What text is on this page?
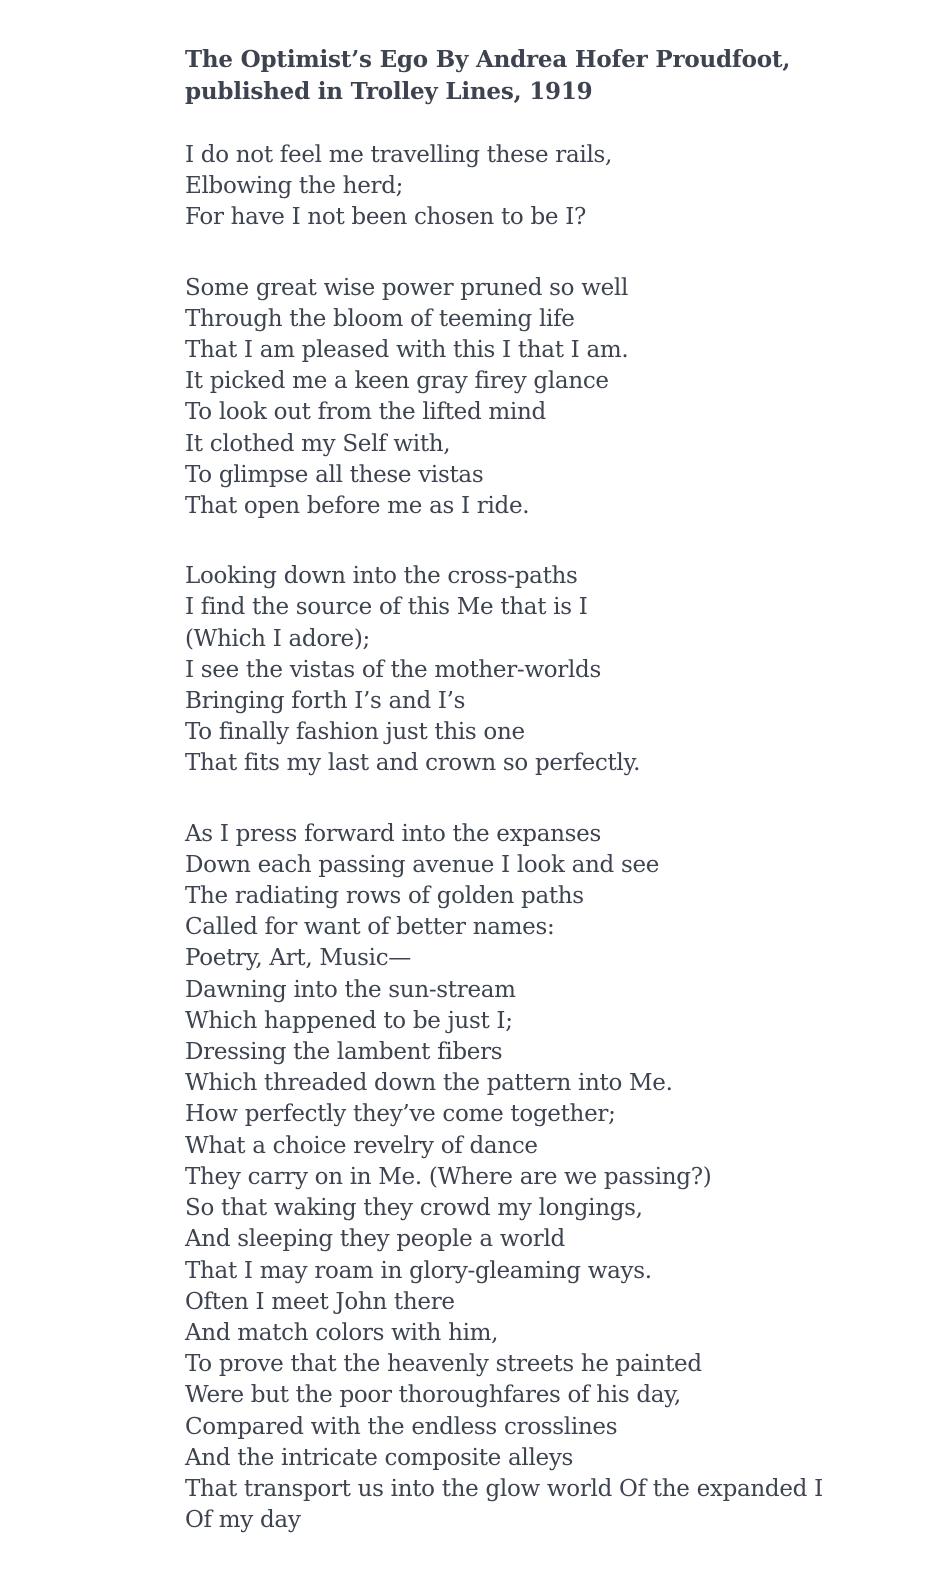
The Optimist’s Ego By Andrea Hofer Proudfoot,
published in Trolley Lines, 1919

I do not feel me travelling these rails,
Elbowing the herd;
For have I not been chosen to be I?

Some great wise power pruned so well
Through the bloom of teeming life
That I am pleased with this I that I am.
It picked me a keen gray firey glance
To look out from the lifted mind
It clothed my Self with,
To glimpse all these vistas
That open before me as I ride.

Looking down into the cross-paths
I find the source of this Me that is I
(Which I adore);
I see the vistas of the mother-worlds
Bringing forth I’s and I’s
To finally fashion just this one
That fits my last and crown so perfectly.

As I press forward into the expanses
Down each passing avenue I look and see
The radiating rows of golden paths
Called for want of better names:
Poetry, Art, Music—
Dawning into the sun-stream
Which happened to be just I;
Dressing the lambent fibers
Which threaded down the pattern into Me.
How perfectly they’ve come together;
What a choice revelry of dance
They carry on in Me. (Where are we passing?)
So that waking they crowd my longings,
And sleeping they people a world
That I may roam in glory-gleaming ways.
Often I meet John there
And match colors with him,
To prove that the heavenly streets he painted
Were but the poor thoroughfares of his day,
Compared with the endless crosslines
And the intricate composite alleys
That transport us into the glow world Of the expanded I
Of my day
